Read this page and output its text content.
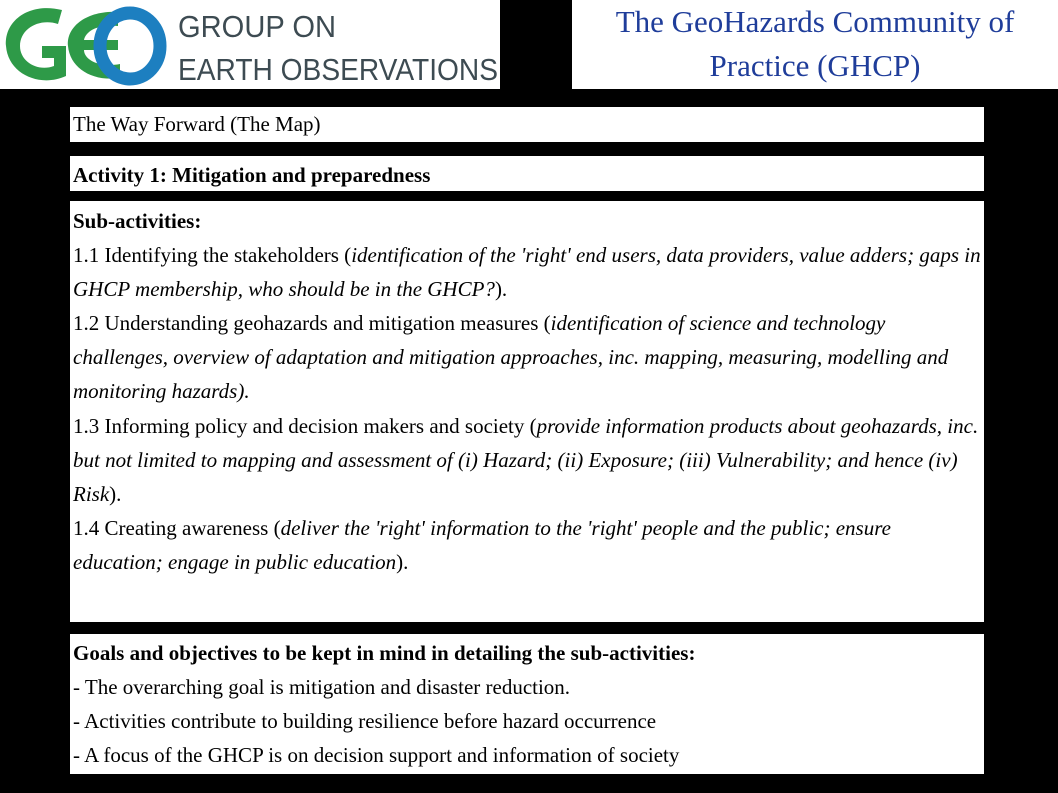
GROUP ON
EARTH OBSERVATIONS
The GeoHazards Community of
Practice (GHCP)
The Way Forward (The Map)
Activity 1: Mitigation and preparedness

Sub-activities:

1.1 Identifying the stakeholders (identification of the 'right' end users, data providers, value adders; gaps in GHCP membership, who should be in the GHCP?).

1.2 Understanding geohazards and mitigation measures (identification of science and technology challenges, overview of adaptation and mitigation approaches, inc. mapping, measuring, modelling and monitoring hazards).

1.3 Informing policy and decision makers and society (provide information products about geohazards, inc. but not limited to mapping and assessment of (i) Hazard; (ii) Exposure; (iii) Vulnerability; and hence (iv) Risk).

1.4 Creating awareness (deliver the 'right' information to the 'right' people and the public; ensure education; engage in public education).

Goals and objectives to be kept in mind in detailing the sub-activities:

- The overarching goal is mitigation and disaster reduction.

- Activities contribute to building resilience before hazard occurrence

- A focus of the GHCP is on decision support and information of society
